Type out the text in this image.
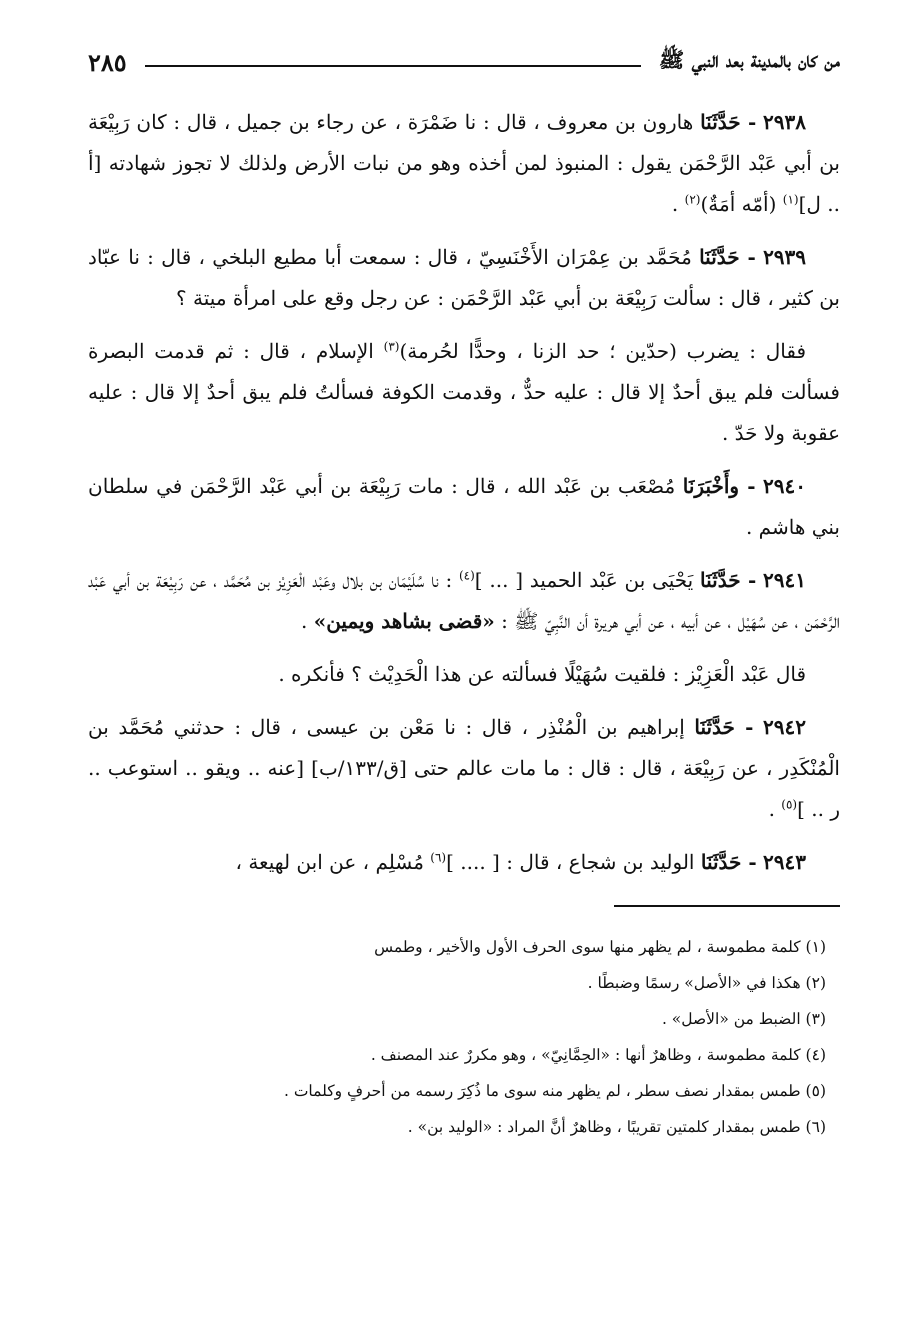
من كان بالمدينة بعد النبي ﷺ
٢٨٥

٢٩٣٨ - حَدَّثَنَا هارون بن معروف ، قال : نا ضَمْرَة ، عن رجاء بن جميل ، قال : كان رَبِيْعَة بن أبي عَبْد الرَّحْمَن يقول : المنبوذ لمن أخذه وهو من نبات الأرض ولذلك لا تجوز شهادته [أ .. ل]$^{(١)}$ (أمّه أمَةٌ)$^{(٢)}$ .

٢٩٣٩ - حَدَّثَنَا مُحَمَّد بن عِمْرَان الأَخْنَسِيّ ، قال : سمعت أبا مطيع البلخي ، قال : نا عبّاد بن كثير ، قال : سألت رَبِيْعَة بن أبي عَبْد الرَّحْمَن : عن رجل وقع على امرأة ميتة ؟

فقال : يضرب (حدّين ؛ حد الزنا ، وحدًّا لحُرمة)$^{(٣)}$ الإسلام ، قال : ثم قدمت البصرة فسألت فلم يبق أحدٌ إلا قال : عليه حدٌّ ، وقدمت الكوفة فسألتُ فلم يبق أحدٌ إلا قال : عليه عقوبة ولا حَدّ .

٢٩٤٠ - وأَخْبَرَنَا مُصْعَب بن عَبْد الله ، قال : مات رَبِيْعَة بن أبي عَبْد الرَّحْمَن في سلطان بني هاشم .

٢٩٤١ - حَدَّثَنَا يَحْيَى بن عَبْد الحميد [ ... ]$^{(٤)}$ : نا سُلَيْمَان بن بلال وعَبْد الْعَزِيْز بن مُحَمَّد ، عن رَبِيْعَة بن أبي عَبْد الرَّحْمَن ، عن سُهَيْل ، عن أبيه ، عن أبي هريرة أن النَّبِيّ ﷺ : «قضى بشاهد ويمين» .

قال عَبْد الْعَزِيْز : فلقيت سُهَيْلًا فسألته عن هذا الْحَدِيْث ؟ فأنكره .

٢٩٤٢ - حَدَّثَنَا إبراهيم بن الْمُنْذِر ، قال : نا مَعْن بن عيسى ، قال : حدثني مُحَمَّد بن الْمُنْكَدِر ، عن رَبِيْعَة ، قال : قال : ما مات عالم حتى [ق/١٣٣/ب] [عنه .. ويقو .. استوعب .. ر .. ]$^{(٥)}$ .

٢٩٤٣ - حَدَّثَنَا الوليد بن شجاع ، قال : [ .... ]$^{(٦)}$ مُسْلِم ، عن ابن لهيعة ،

(١) كلمة مطموسة ، لم يظهر منها سوى الحرف الأول والأخير ، وطمس

(٢) هكذا في «الأصل» رسمًا وضبطًا .

(٣) الضبط من «الأصل» .

(٤) كلمة مطموسة ، وظاهرٌ أنها : «الحِمَّانِيّ» ، وهو مكررٌ عند المصنف .

(٥) طمس بمقدار نصف سطر ، لم يظهر منه سوى ما ذُكِرَ رسمه من أحرفٍ وكلمات .

(٦) طمس بمقدار كلمتين تقريبًا ، وظاهرٌ أنَّ المراد : «الوليد بن» .
